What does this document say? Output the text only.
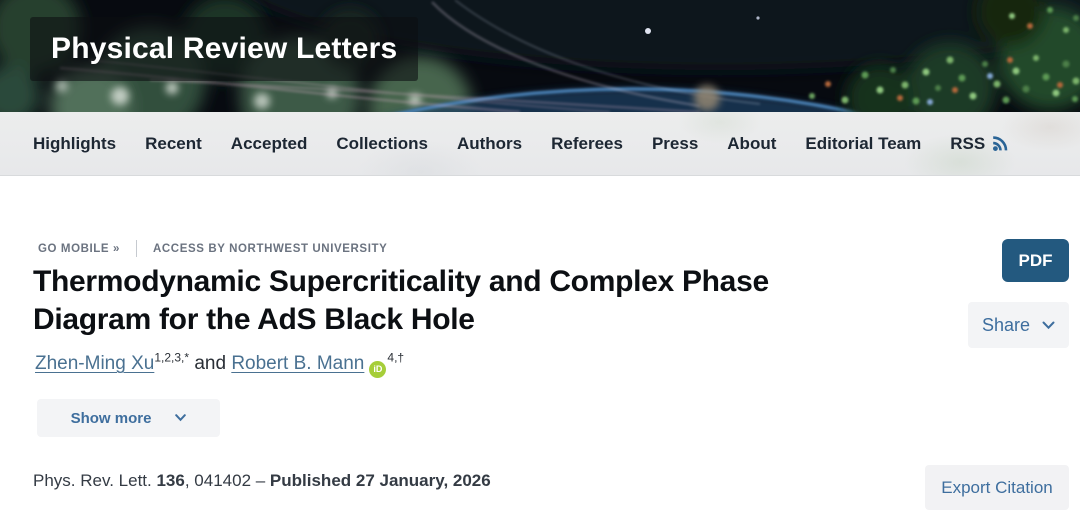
Physical Review Letters
Highlights Recent Accepted Collections Authors Referees Press About Editorial Team RSS
GO MOBILE »	ACCESS BY NORTHWEST UNIVERSITY
PDF
Thermodynamic Supercriticality and Complex Phase Diagram for the AdS Black Hole	Share

Zhen-Ming $Xu^{1,2,3,*}$ and Robert B. Mann $iD^{4,\dagger}$

Show more

Phys. Rev. Lett. 136, 041402 – Published 27 January, 2026	Export Citation
